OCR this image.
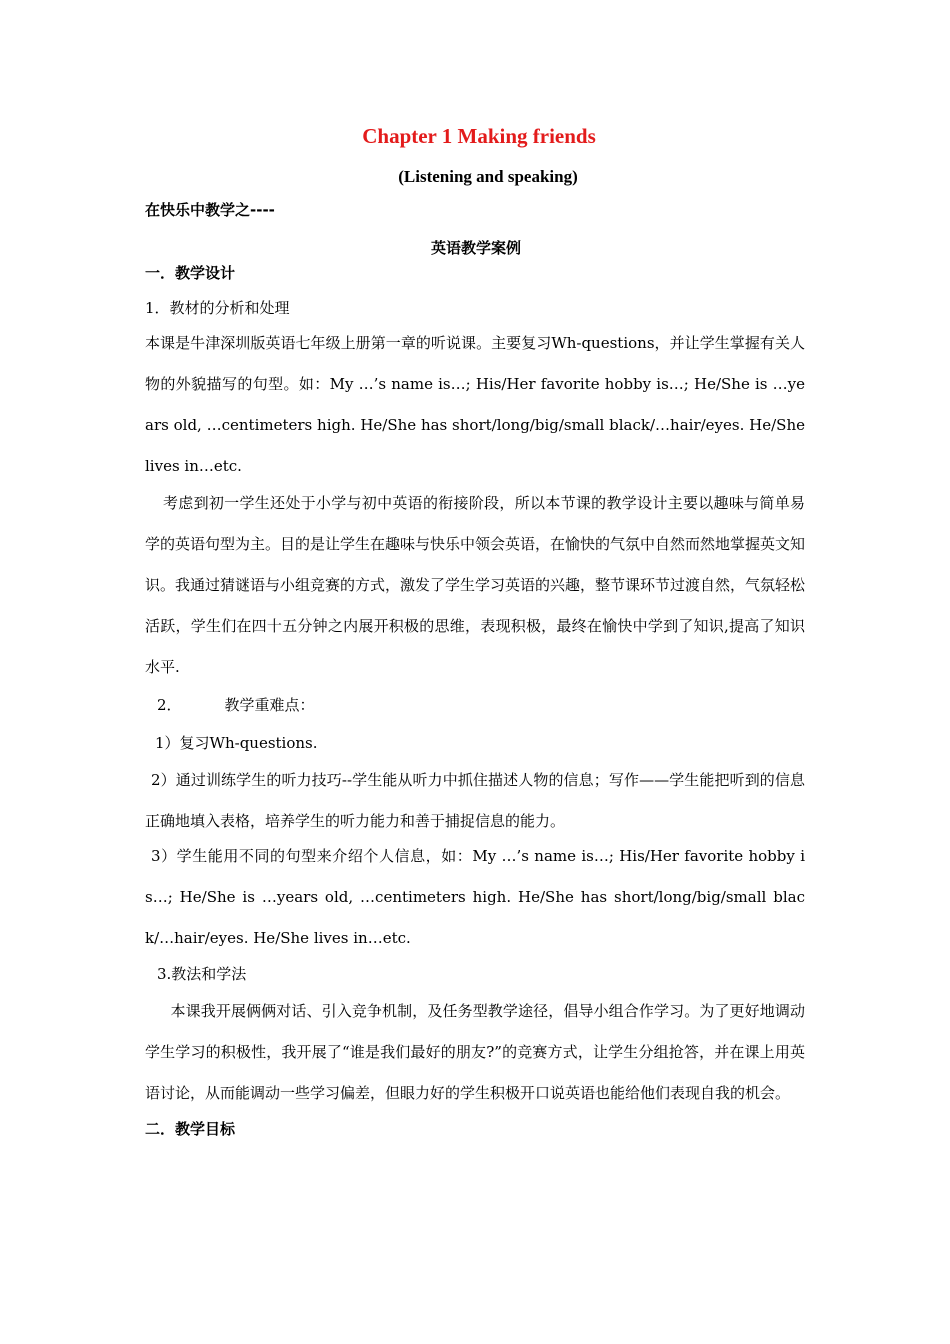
Chapter 1 Making friends
(Listening and speaking)
在快乐中教学之----
英语教学案例
一．教学设计
1．教材的分析和处理

本课是牛津深圳版英语七年级上册第一章的听说课。主要复习Wh-questions，并让学生掌握有关人物的外貌描写的句型。如：My …’s name is…; His/Her favorite hobby is…; He/She is …years old, …centimeters high. He/She has short/long/big/small black/…hair/eyes. He/She lives in…etc.

考虑到初一学生还处于小学与初中英语的衔接阶段，所以本节课的教学设计主要以趣味与简单易学的英语句型为主。目的是让学生在趣味与快乐中领会英语，在愉快的气氛中自然而然地掌握英文知识。我通过猜谜语与小组竞赛的方式，激发了学生学习英语的兴趣，整节课环节过渡自然，气氛轻松活跃，学生们在四十五分钟之内展开积极的思维，表现积极，最终在愉快中学到了知识,提高了知识水平.

2．         教学重难点：
1）复习Wh-questions.

2）通过训练学生的听力技巧--学生能从听力中抓住描述人物的信息；写作——学生能把听到的信息正确地填入表格，培养学生的听力能力和善于捕捉信息的能力。

3）学生能用不同的句型来介绍个人信息，如：My …’s name is…; His/Her favorite hobby is…; He/She is …years old, …centimeters high. He/She has short/long/big/small black/…hair/eyes. He/She lives in…etc.

3.教法和学法

本课我开展俩俩对话、引入竞争机制，及任务型教学途径，倡导小组合作学习。为了更好地调动学生学习的积极性，我开展了“谁是我们最好的朋友?”的竞赛方式，让学生分组抢答，并在课上用英语讨论，从而能调动一些学习偏差，但眼力好的学生积极开口说英语也能给他们表现自我的机会。

二．教学目标
